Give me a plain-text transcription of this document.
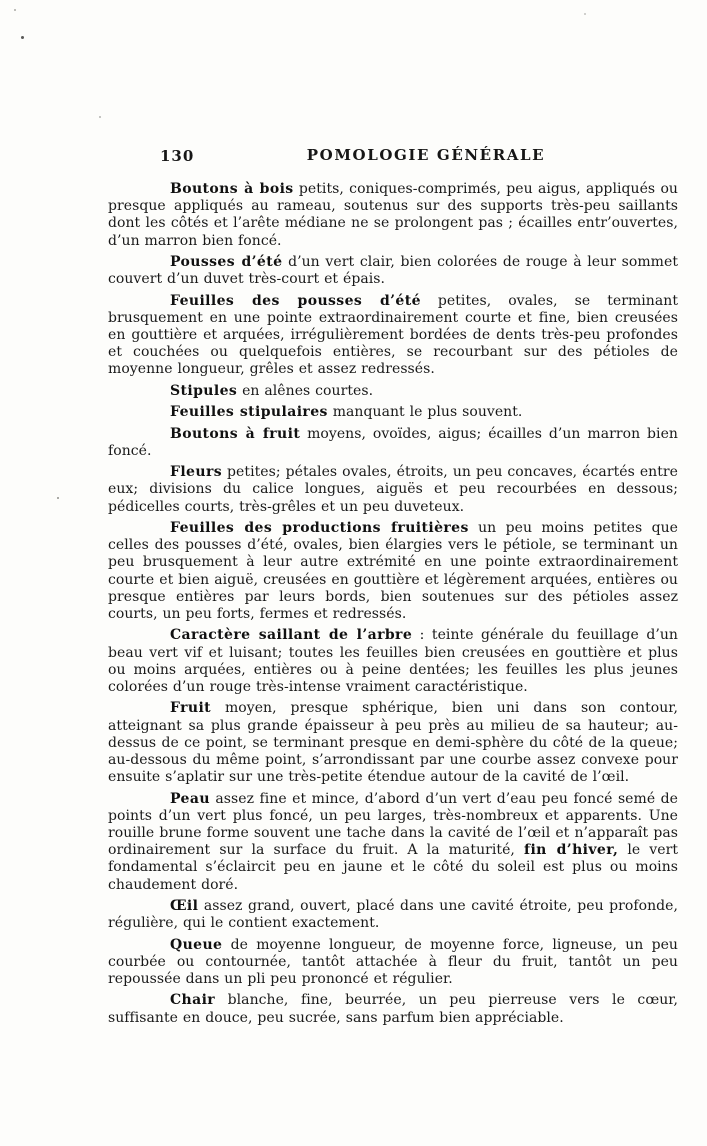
130	POMOLOGIE GÉNÉRALE

Boutons à bois petits, coniques-comprimés, peu aigus, appliqués ou presque appliqués au rameau, soutenus sur des supports très-peu saillants dont les côtés et l’arête médiane ne se prolongent pas ; écailles entr’ouvertes, d’un marron bien foncé.

Pousses d’été d’un vert clair, bien colorées de rouge à leur sommet couvert d’un duvet très-court et épais.

Feuilles des pousses d’été petites, ovales, se terminant brusquement en une pointe extraordinairement courte et fine, bien creusées en gouttière et arquées, irrégulièrement bordées de dents très-peu profondes et couchées ou quelquefois entières, se recourbant sur des pétioles de moyenne longueur, grêles et assez redressés.

Stipules en alênes courtes.

Feuilles stipulaires manquant le plus souvent.

Boutons à fruit moyens, ovoïdes, aigus; écailles d’un marron bien foncé.

Fleurs petites; pétales ovales, étroits, un peu concaves, écartés entre eux; divisions du calice longues, aiguës et peu recourbées en dessous; pédicelles courts, très-grêles et un peu duveteux.

Feuilles des productions fruitières un peu moins petites que celles des pousses d’été, ovales, bien élargies vers le pétiole, se terminant un peu brusquement à leur autre extrémité en une pointe extraordinairement courte et bien aiguë, creusées en gouttière et légèrement arquées, entières ou presque entières par leurs bords, bien soutenues sur des pétioles assez courts, un peu forts, fermes et redressés.

Caractère saillant de l’arbre : teinte générale du feuillage d’un beau vert vif et luisant; toutes les feuilles bien creusées en gouttière et plus ou moins arquées, entières ou à peine dentées; les feuilles les plus jeunes colorées d’un rouge très-intense vraiment caractéristique.

Fruit moyen, presque sphérique, bien uni dans son contour, atteignant sa plus grande épaisseur à peu près au milieu de sa hauteur; au-dessus de ce point, se terminant presque en demi-sphère du côté de la queue; au-dessous du même point, s’arrondissant par une courbe assez convexe pour ensuite s’aplatir sur une très-petite étendue autour de la cavité de l’œil.

Peau assez fine et mince, d’abord d’un vert d’eau peu foncé semé de points d’un vert plus foncé, un peu larges, très-nombreux et apparents. Une rouille brune forme souvent une tache dans la cavité de l’œil et n’apparaît pas ordinairement sur la surface du fruit. A la maturité, fin d’hiver, le vert fondamental s’éclaircit peu en jaune et le côté du soleil est plus ou moins chaudement doré.

Œil assez grand, ouvert, placé dans une cavité étroite, peu profonde, régulière, qui le contient exactement.

Queue de moyenne longueur, de moyenne force, ligneuse, un peu courbée ou contournée, tantôt attachée à fleur du fruit, tantôt un peu repoussée dans un pli peu prononcé et régulier.

Chair blanche, fine, beurrée, un peu pierreuse vers le cœur, suffisante en douce, peu sucrée, sans parfum bien appréciable.
